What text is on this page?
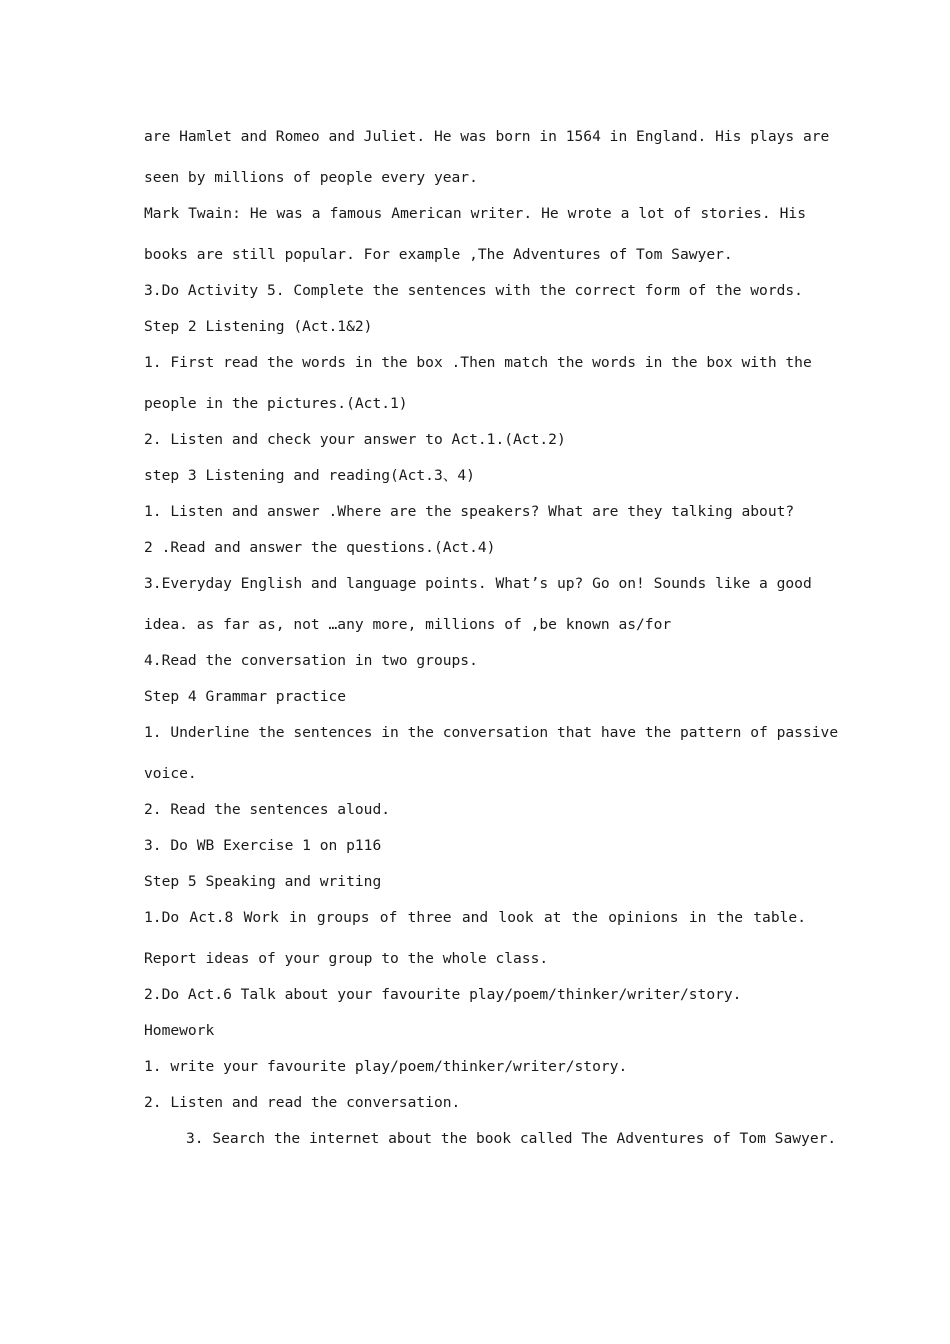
are Hamlet and Romeo and Juliet. He was born in 1564 in England. His plays are
seen by millions of people every year.
Mark Twain: He was a famous American writer. He wrote a lot of stories. His
books are still popular. For example ,The Adventures of Tom Sawyer.
3.Do Activity 5. Complete the sentences with the correct form of the words.
Step 2 Listening (Act.1&2)
1. First read the words in the box .Then match the words in the box with the
people in the pictures.(Act.1)
2. Listen and check your answer to Act.1.(Act.2)
step 3 Listening and reading(Act.3、4)
1. Listen and answer .Where are the speakers? What are they talking about?
2 .Read and answer the questions.(Act.4)
3.Everyday English and language points. What’s up? Go on! Sounds like a good
idea. as far as, not …any more, millions of ,be known as/for
4.Read the conversation in two groups.
Step 4 Grammar practice
1. Underline the sentences in the conversation that have the pattern of passive
voice.
2. Read the sentences aloud.
3. Do WB Exercise 1 on p116
Step 5 Speaking and writing
1.Do Act.8 Work in groups of three and look at the opinions in the table.
Report ideas of your group to the whole class.
2.Do Act.6 Talk about your favourite play/poem/thinker/writer/story.
Homework
1. write your favourite play/poem/thinker/writer/story.
2. Listen and read the conversation.
3. Search the internet about the book called The Adventures of Tom Sawyer.
